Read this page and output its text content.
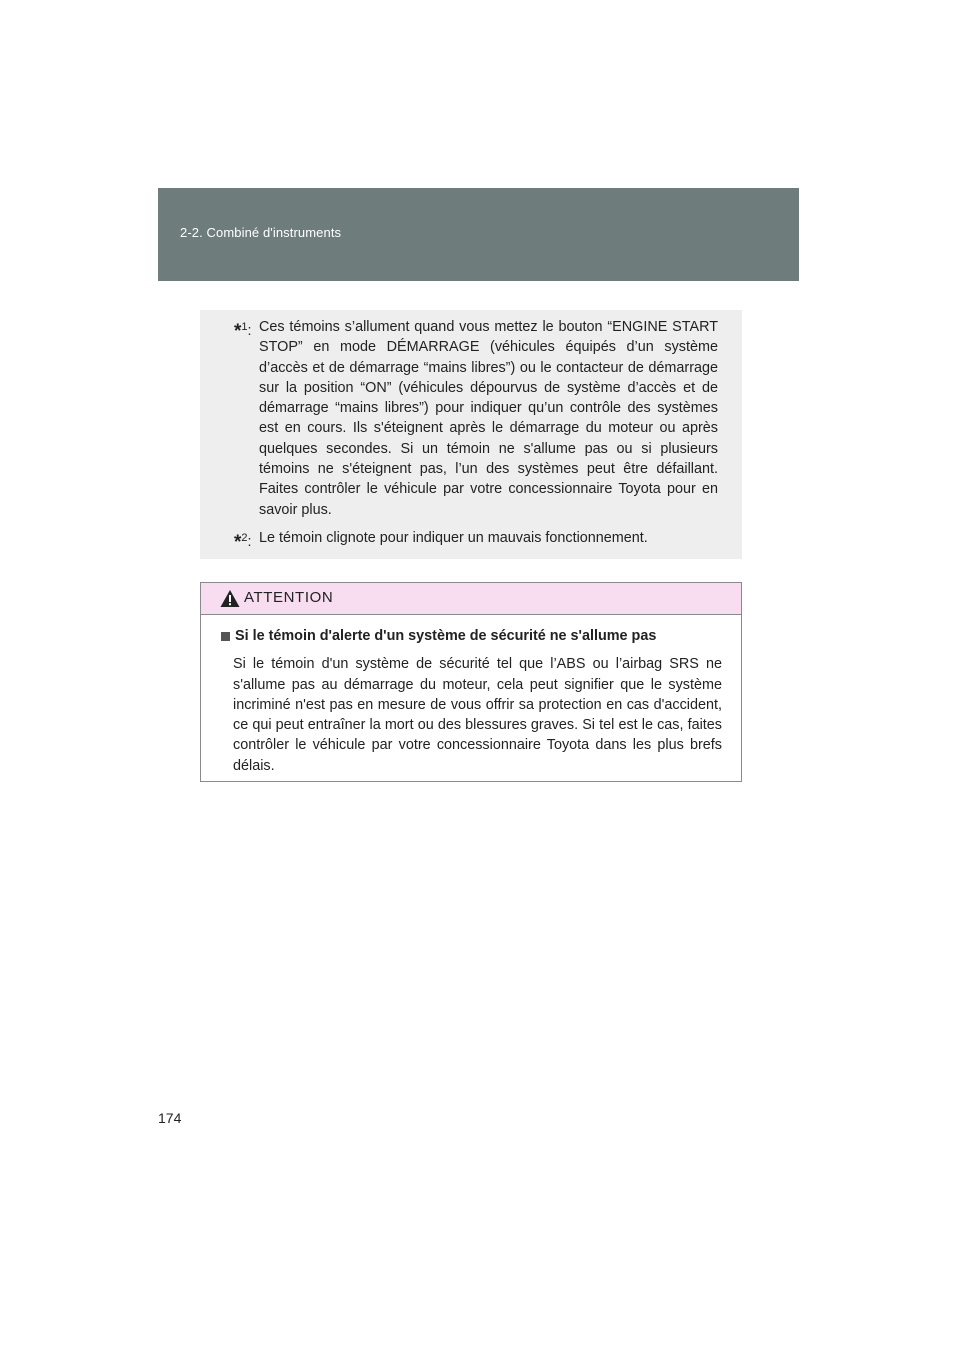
2-2. Combiné d'instruments
*$^1$: Ces témoins s’allument quand vous mettez le bouton “ENGINE START STOP” en mode DÉMARRAGE (véhicules équipés d’un système d’accès et de démarrage “mains libres”) ou le contacteur de démarrage sur la position “ON” (véhicules dépourvus de système d’accès et de démarrage “mains libres”) pour indiquer qu’un contrôle des systèmes est en cours. Ils s'éteignent après le démarrage du moteur ou après quelques secondes. Si un témoin ne s'allume pas ou si plusieurs témoins ne s'éteignent pas, l’un des systèmes peut être défaillant. Faites contrôler le véhicule par votre concessionnaire Toyota pour en savoir plus.
*$^2$: Le témoin clignote pour indiquer un mauvais fonctionnement.
ATTENTION
Si le témoin d'alerte d'un système de sécurité ne s'allume pas
Si le témoin d'un système de sécurité tel que l’ABS ou l’airbag SRS ne s'allume pas au démarrage du moteur, cela peut signifier que le système incriminé n'est pas en mesure de vous offrir sa protection en cas d'accident, ce qui peut entraîner la mort ou des blessures graves. Si tel est le cas, faites contrôler le véhicule par votre concessionnaire Toyota dans les plus brefs délais.
174
